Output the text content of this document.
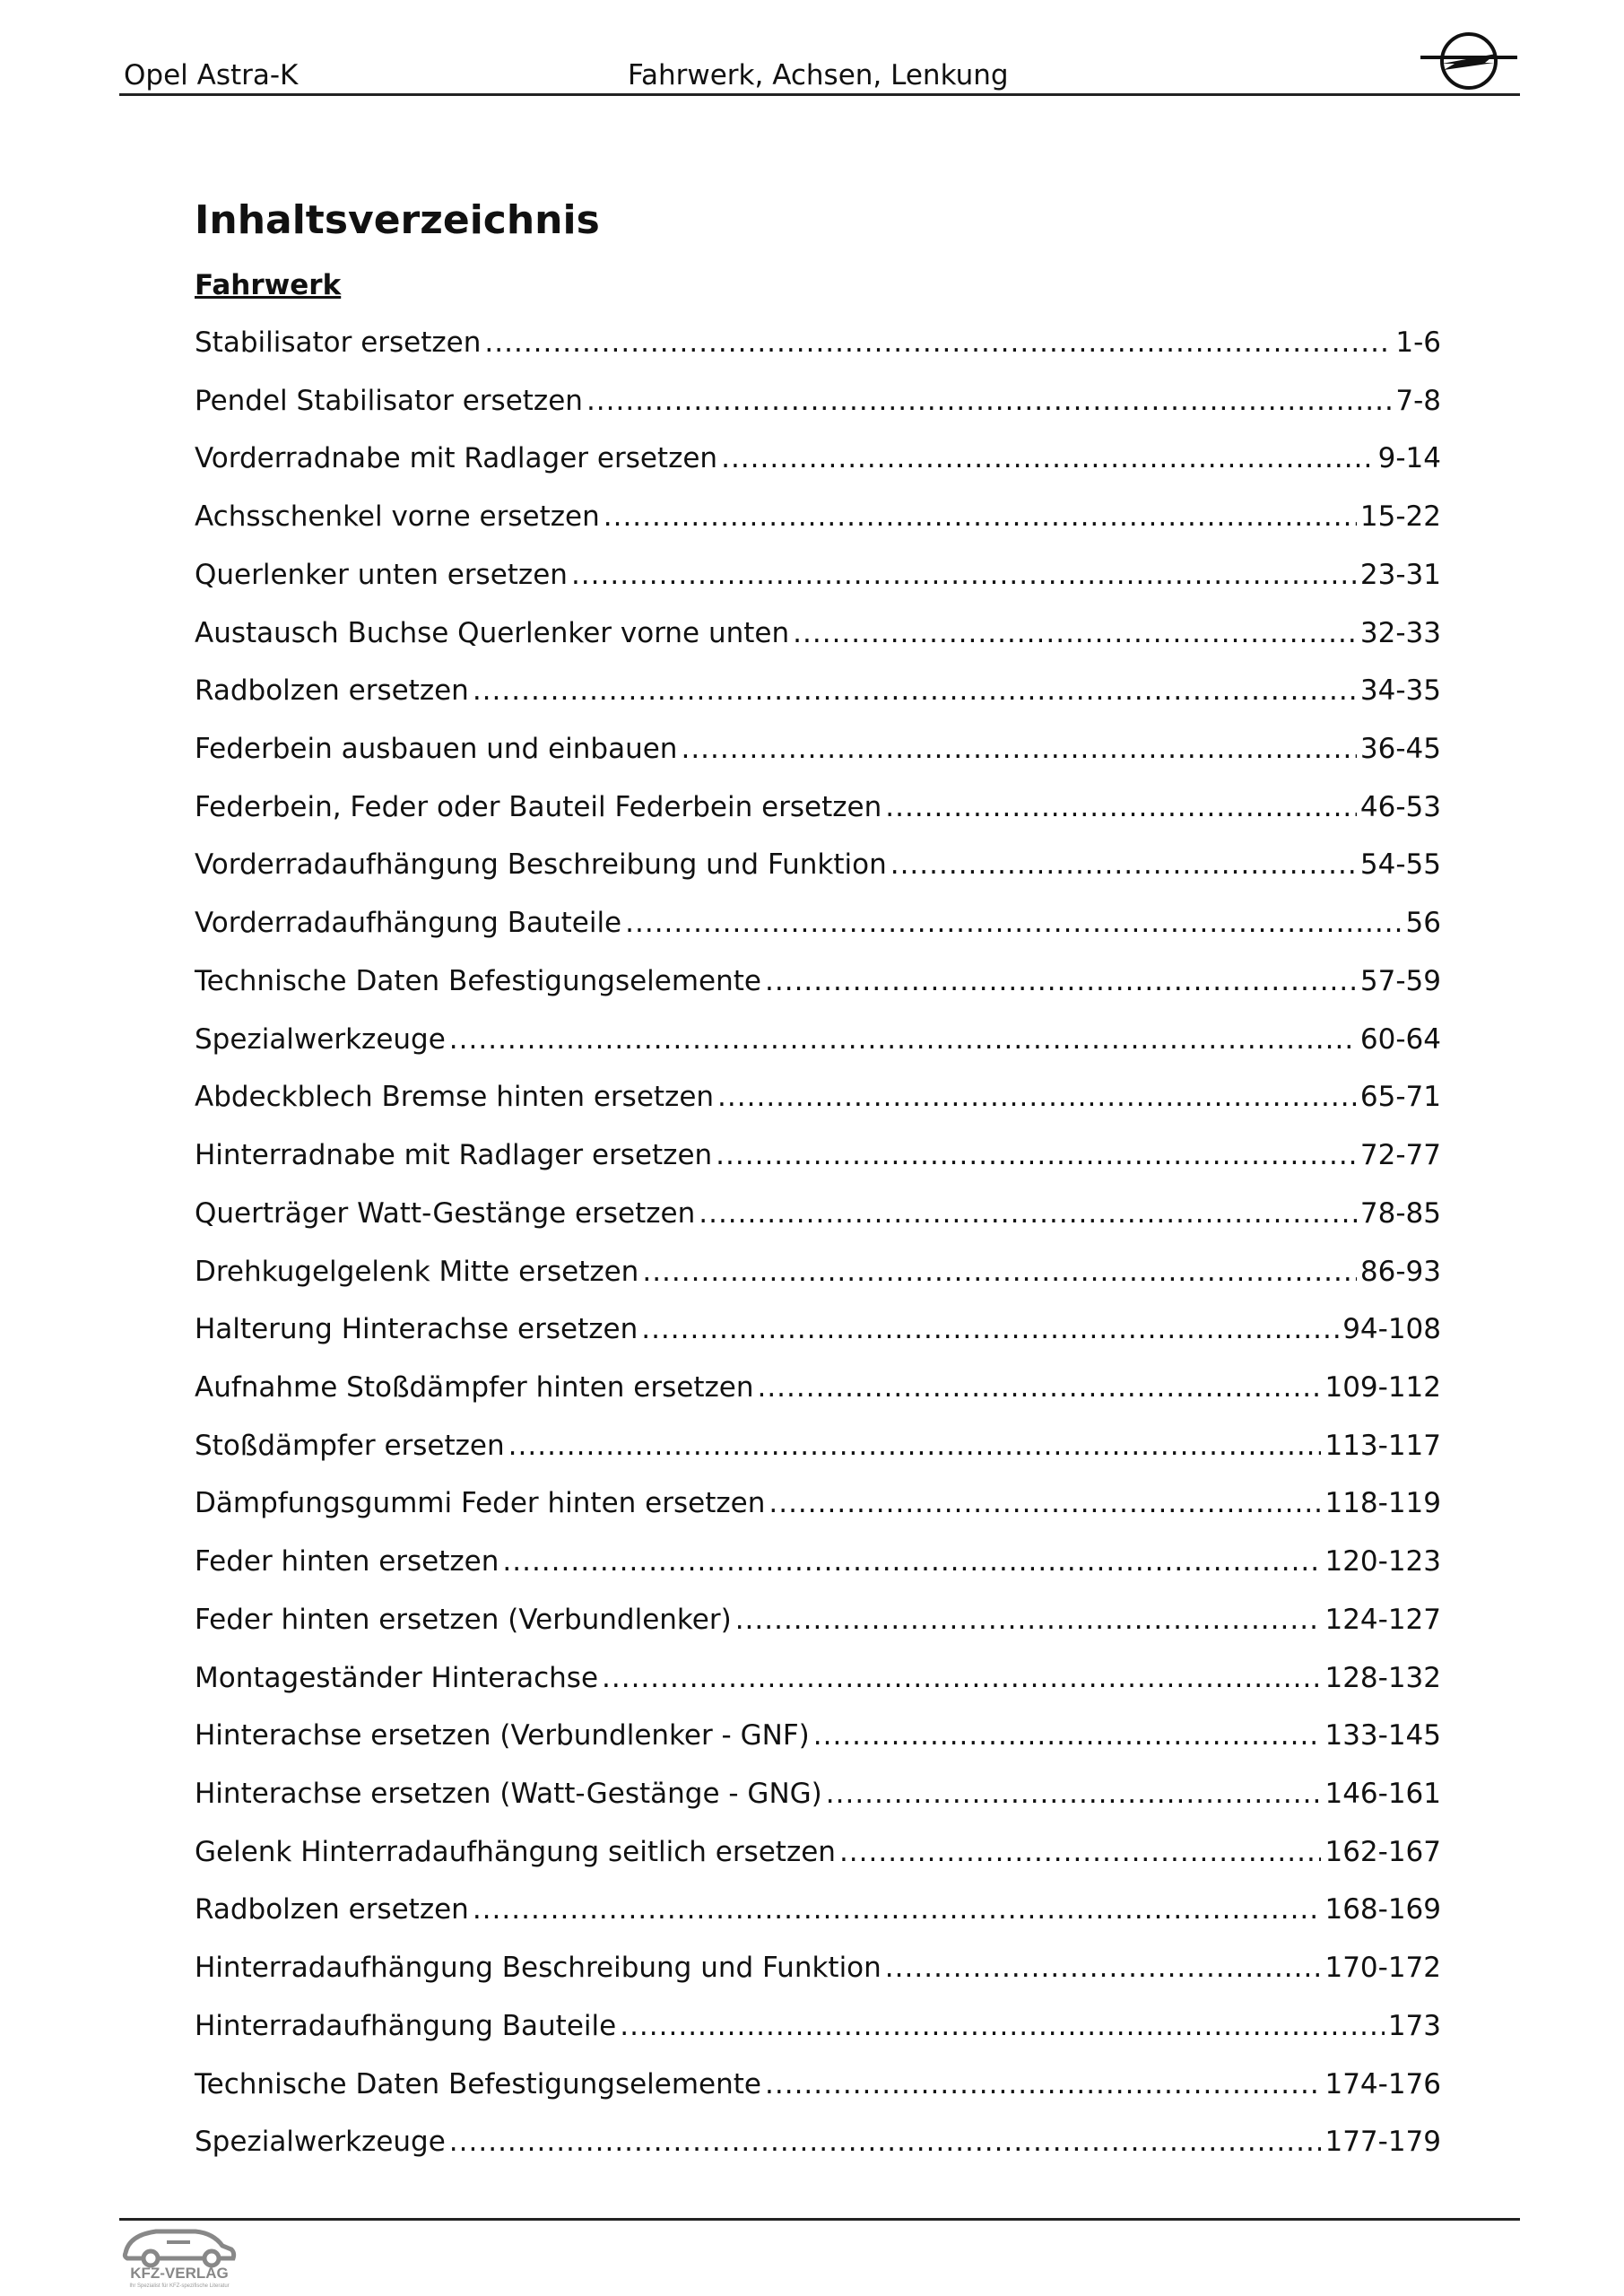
Opel Astra-K	Fahrwerk, Achsen, Lenkung
Inhaltsverzeichnis
Fahrwerk
Stabilisator ersetzen .....	1-6
Pendel Stabilisator ersetzen .....	7-8
Vorderradnabe mit Radlager ersetzen .....	9-14
Achsschenkel vorne ersetzen .....	15-22
Querlenker unten ersetzen .....	23-31
Austausch Buchse Querlenker vorne unten .....	32-33
Radbolzen ersetzen .....	34-35
Federbein ausbauen und einbauen .....	36-45
Federbein, Feder oder Bauteil Federbein ersetzen .....	46-53
Vorderradaufhängung Beschreibung und Funktion .....	54-55
Vorderradaufhängung Bauteile .....	56
Technische Daten Befestigungselemente .....	57-59
Spezialwerkzeuge .....	60-64
Abdeckblech Bremse hinten ersetzen .....	65-71
Hinterradnabe mit Radlager ersetzen .....	72-77
Querträger Watt-Gestänge ersetzen .....	78-85
Drehkugelgelenk Mitte ersetzen .....	86-93
Halterung Hinterachse ersetzen .....	94-108
Aufnahme Stoßdämpfer hinten ersetzen .....	109-112
Stoßdämpfer ersetzen .....	113-117
Dämpfungsgummi Feder hinten ersetzen .....	118-119
Feder hinten ersetzen .....	120-123
Feder hinten ersetzen (Verbundlenker) .....	124-127
Montageständer Hinterachse .....	128-132
Hinterachse ersetzen (Verbundlenker - GNF) .....	133-145
Hinterachse ersetzen (Watt-Gestänge - GNG) .....	146-161
Gelenk Hinterradaufhängung seitlich ersetzen .....	162-167
Radbolzen ersetzen .....	168-169
Hinterradaufhängung Beschreibung und Funktion .....	170-172
Hinterradaufhängung Bauteile .....	173
Technische Daten Befestigungselemente .....	174-176
Spezialwerkzeuge .....	177-179
KFZ-VERLAG
Ihr Spezialist für KFZ-spezifische Literatur
